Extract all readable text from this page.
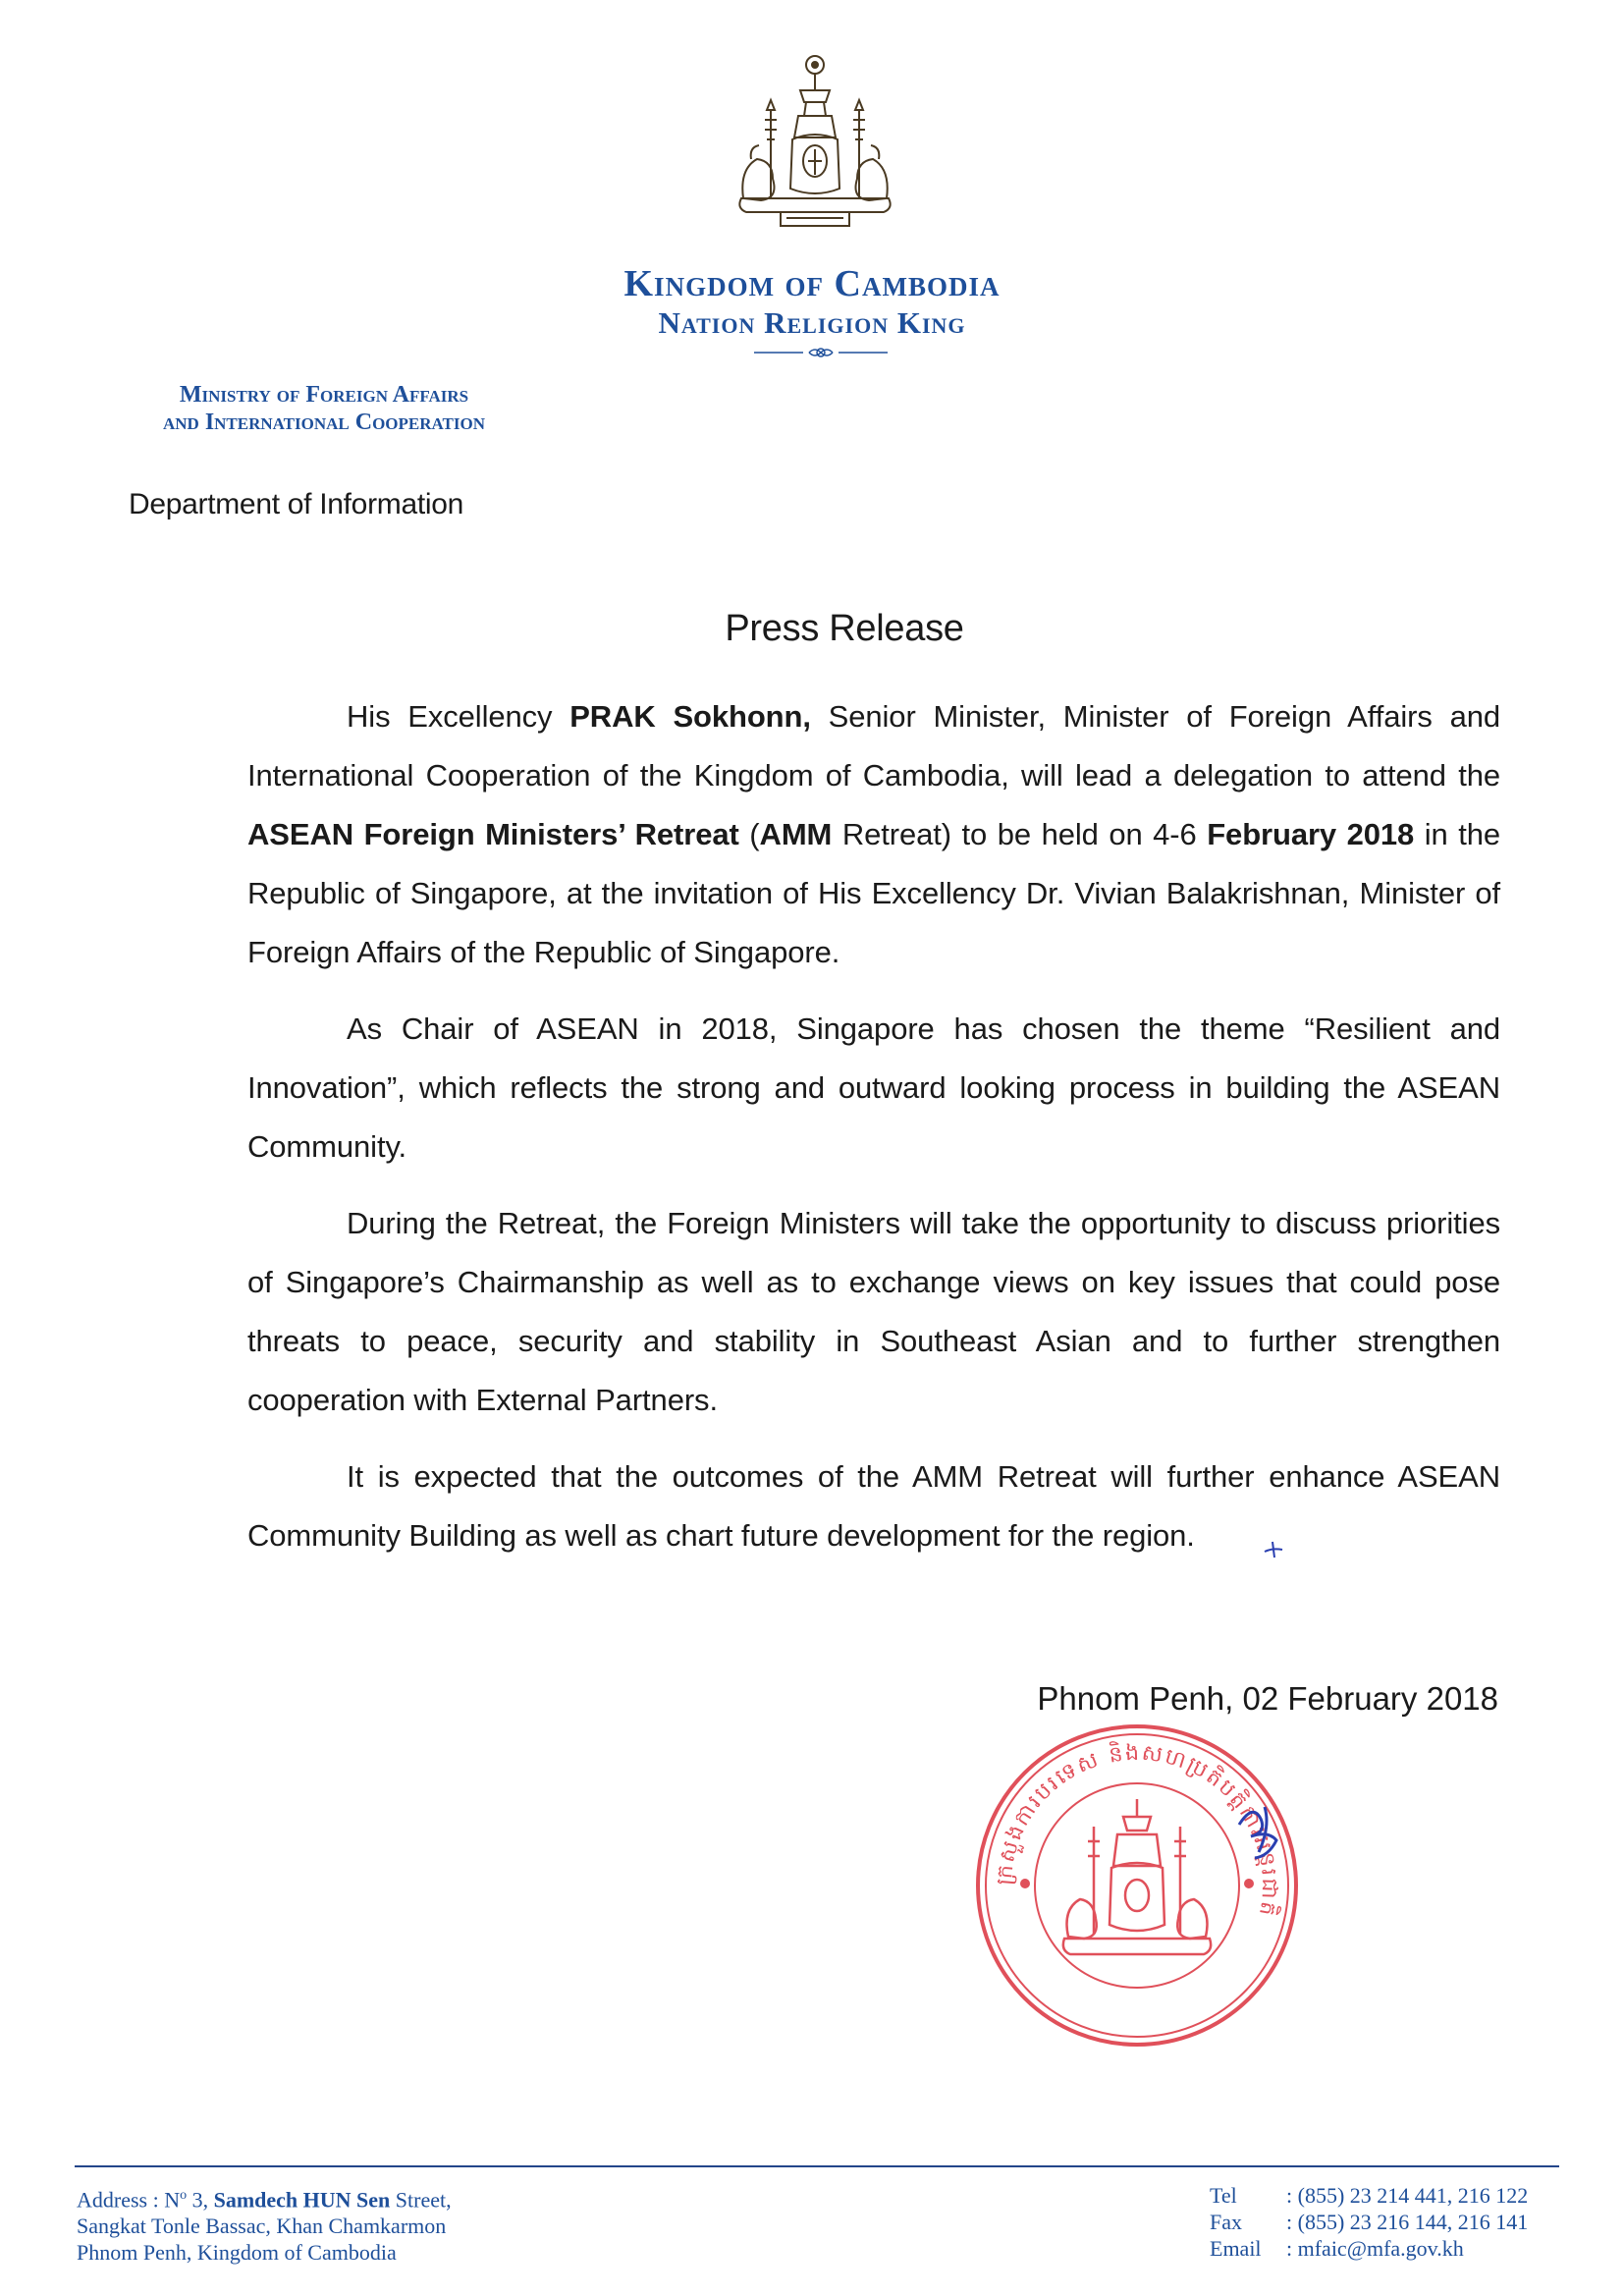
Kingdom of Cambodia
Nation Religion King

Ministry of Foreign Affairs

and International Cooperation

Department of Information

Press Release

His Excellency PRAK Sokhonn, Senior Minister, Minister of Foreign Affairs and International Cooperation of the Kingdom of Cambodia, will lead a delegation to attend the ASEAN Foreign Ministers’ Retreat (AMM Retreat) to be held on 4-6 February 2018 in the Republic of Singapore, at the invitation of His Excellency Dr. Vivian Balakrishnan, Minister of Foreign Affairs of the Republic of Singapore.

As Chair of ASEAN in 2018, Singapore has chosen the theme “Resilient and Innovation”, which reflects the strong and outward looking process in building the ASEAN Community.

During the Retreat, the Foreign Ministers will take the opportunity to discuss priorities of Singapore’s Chairmanship as well as to exchange views on key issues that could pose threats to peace, security and stability in Southeast Asian and to further strengthen cooperation with External Partners.

It is expected that the outcomes of the AMM Retreat will further enhance ASEAN Community Building as well as chart future development for the region.

Phnom Penh, 02 February 2018

ក្រសួងការបរទេស និងសហប្រតិបត្តិការអន្តរជាតិ

Address : $N^o$ 3, Samdech HUN Sen Street,

Sangkat Tonle Bassac, Khan Chamkarmon

Phnom Penh, Kingdom of Cambodia

Tel	: (855) 23 214 441, 216 122
Fax	: (855) 23 216 144, 216 141
Email	: mfaic@mfa.gov.kh
